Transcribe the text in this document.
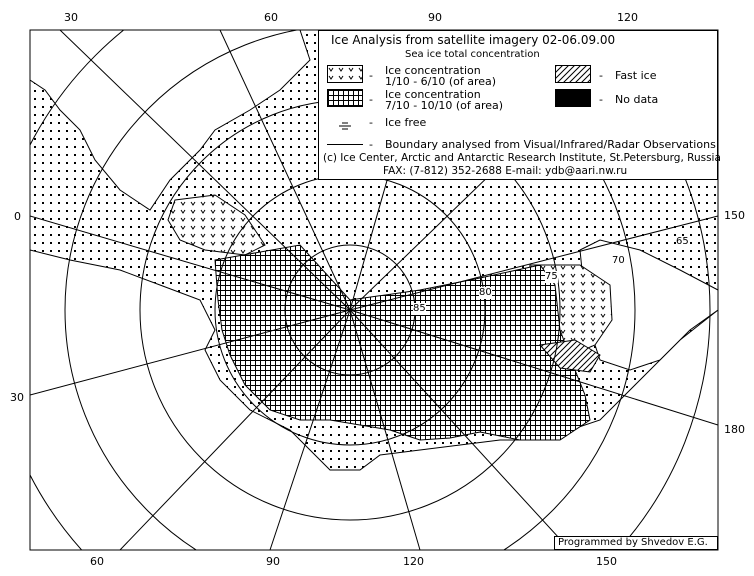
30	60	90	120
60	90	120	150
0
30
150
180
65
70
75
80
85
Ice Analysis from satellite imagery 02-06.09.00
Sea ice total concentration
- Ice concentration
1/10 - 6/10 (of area)
- Ice concentration
7/10 - 10/10 (of area)
- Ice free
- Fast ice
- No data
- Boundary analysed from Visual/Infrared/Radar Observations
(c) Ice Center, Arctic and Antarctic Research Institute, St.Petersburg, Russia
FAX: (7-812) 352-2688 E-mail: ydb@aari.nw.ru
Programmed by Shvedov E.G.
